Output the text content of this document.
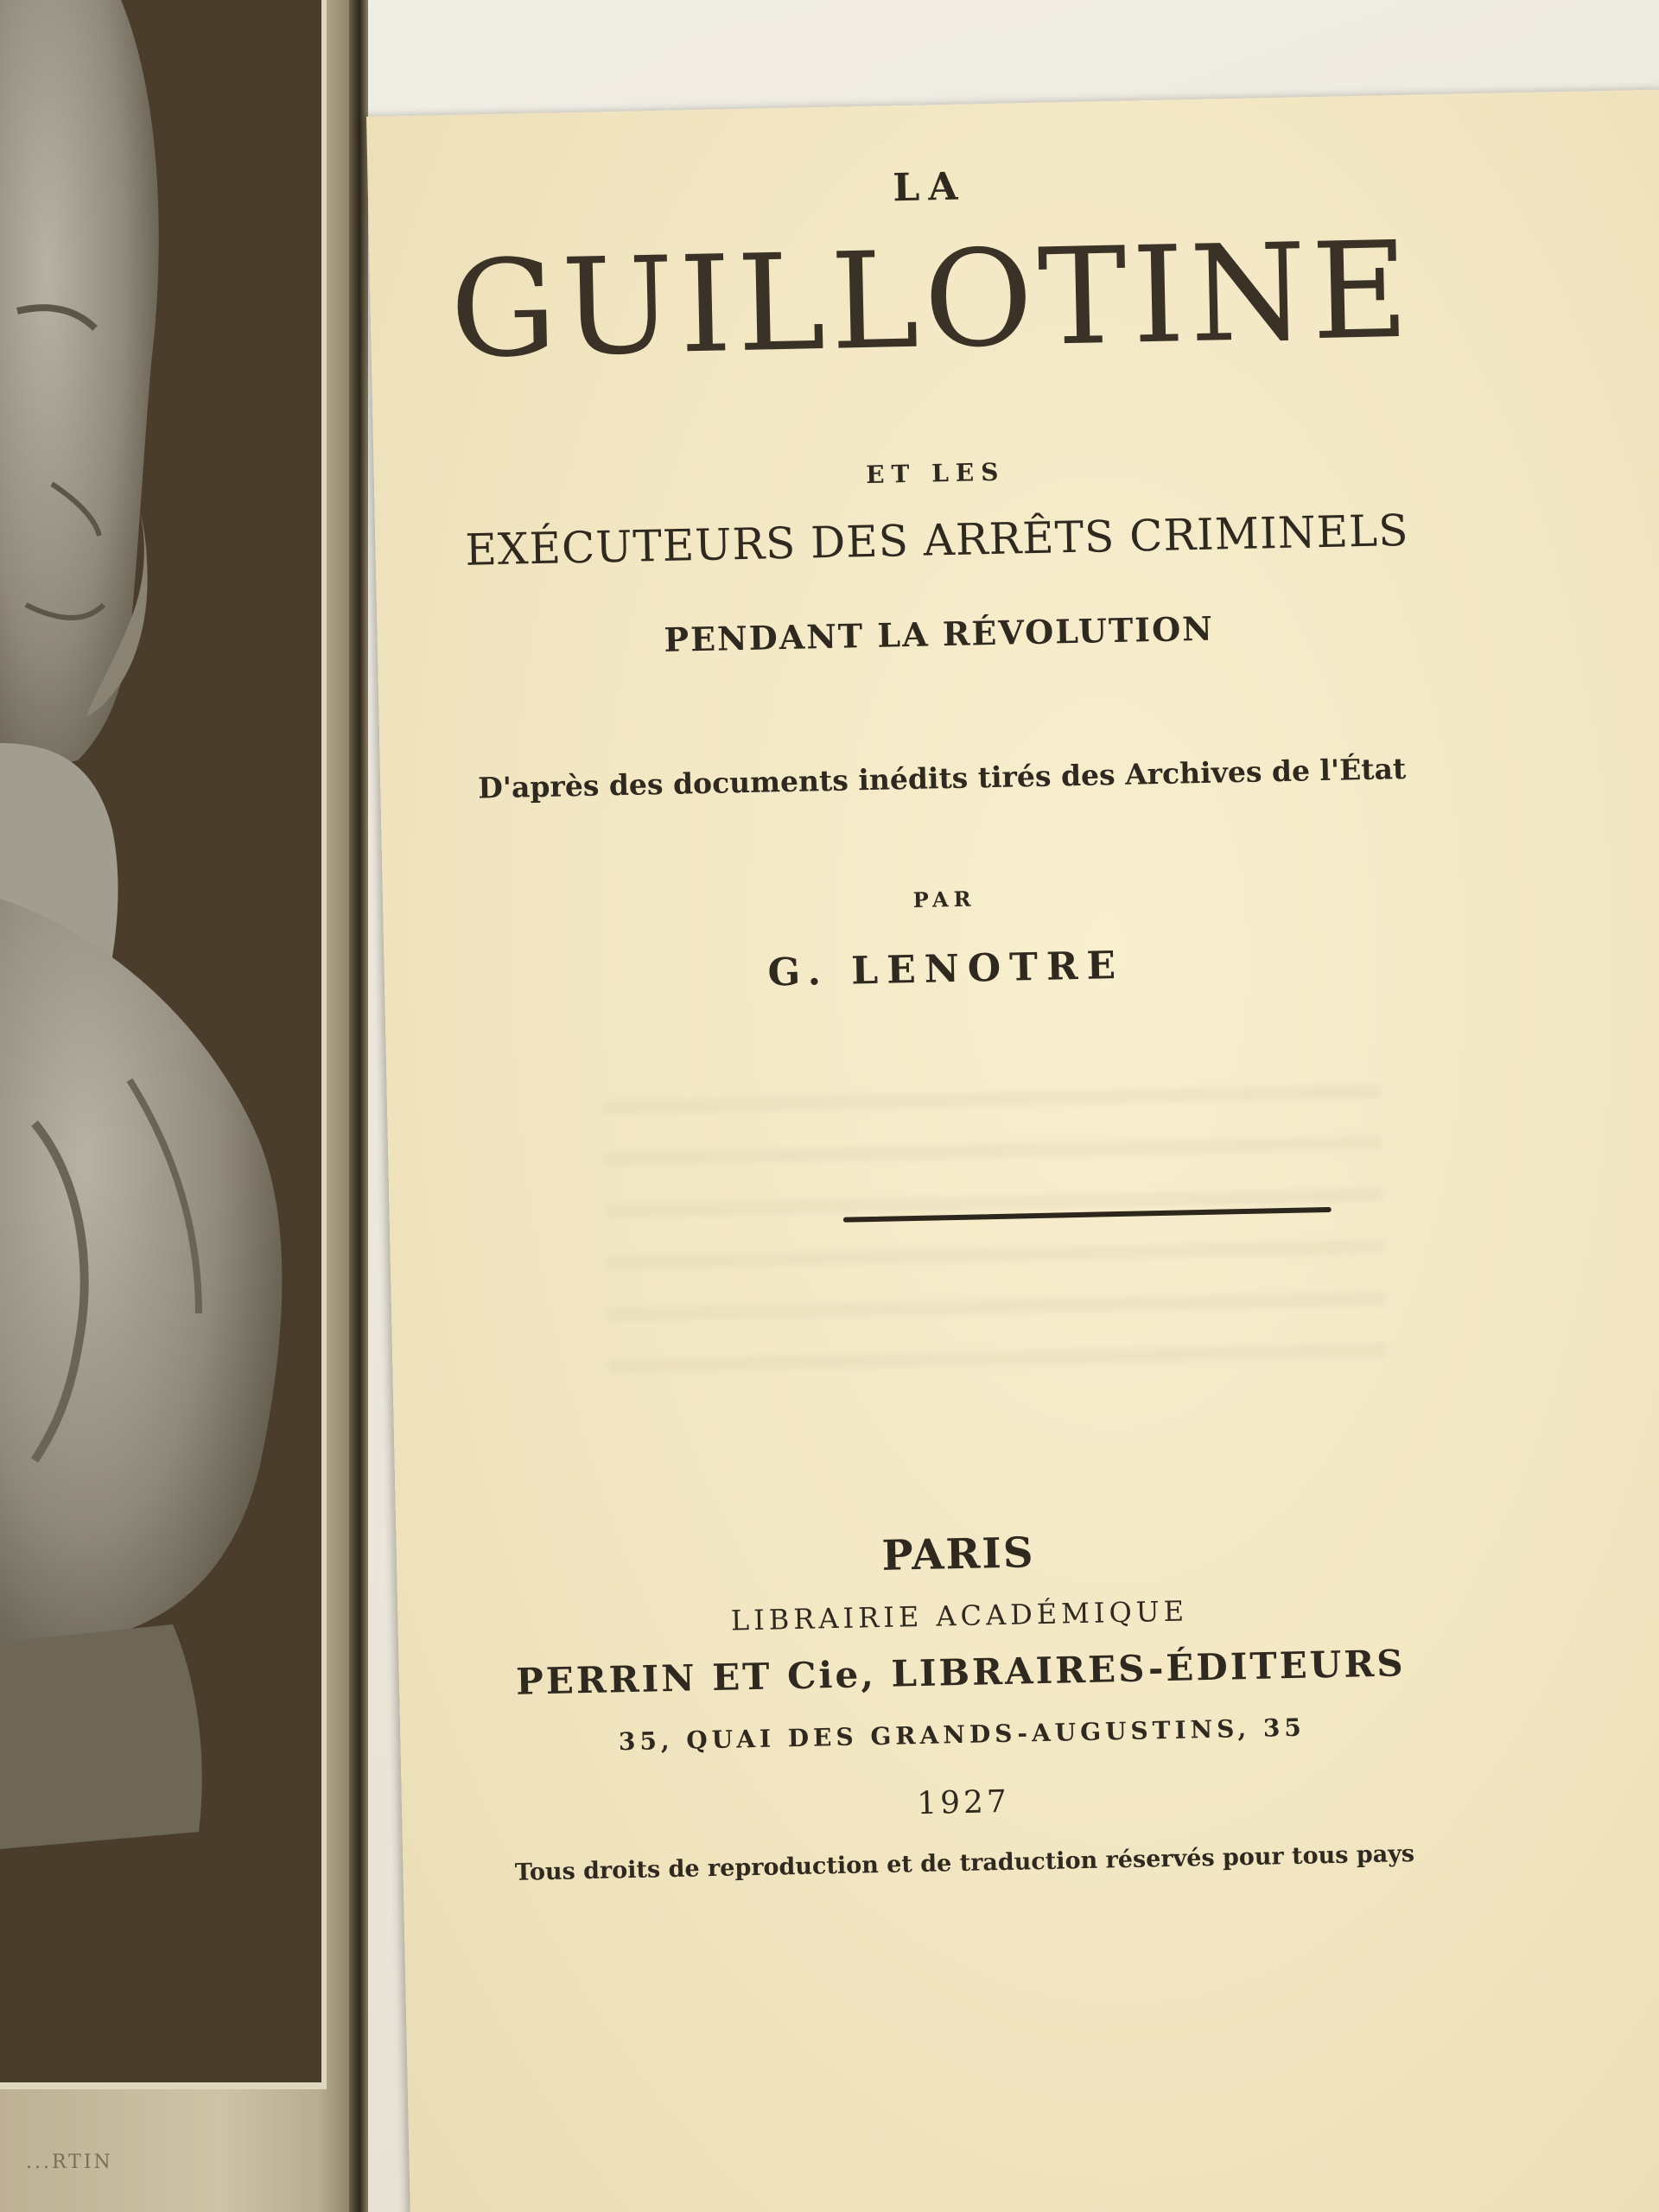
...RTIN
LA
GUILLOTINE
ET LES
EXÉCUTEURS DES ARRÊTS CRIMINELS
PENDANT LA RÉVOLUTION
D'après des documents inédits tirés des Archives de l'État
PAR
G. LENOTRE
PARIS
LIBRAIRIE ACADÉMIQUE
PERRIN ET Cie, LIBRAIRES-ÉDITEURS
35, QUAI DES GRANDS-AUGUSTINS, 35
1927
Tous droits de reproduction et de traduction réservés pour tous pays
